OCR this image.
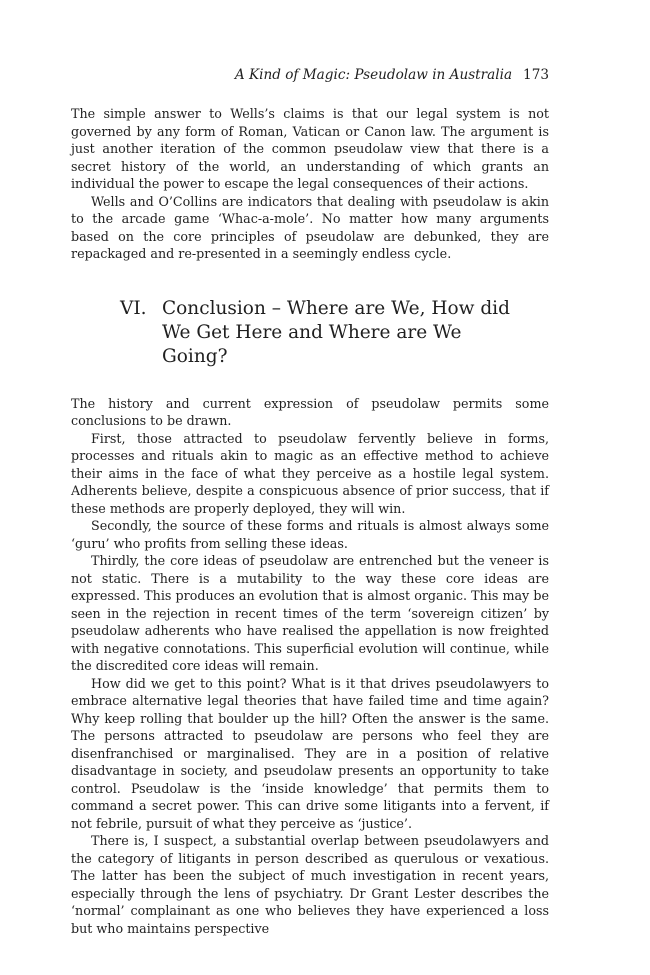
A Kind of Magic: Pseudolaw in Australia 173

The simple answer to Wells’s claims is that our legal system is not governed by any form of Roman, Vatican or Canon law. The argument is just another iteration of the common pseudolaw view that there is a secret history of the world, an understanding of which grants an individual the power to escape the legal consequences of their actions.

Wells and O’Collins are indicators that dealing with pseudolaw is akin to the arcade game ‘Whac-a-mole’. No matter how many arguments based on the core principles of pseudolaw are debunked, they are repackaged and re-presented in a seemingly endless cycle.

VI. Conclusion – Where are We, How did We Get Here and Where are We Going?

The history and current expression of pseudolaw permits some conclusions to be drawn.

First, those attracted to pseudolaw fervently believe in forms, processes and rituals akin to magic as an effective method to achieve their aims in the face of what they perceive as a hostile legal system. Adherents believe, despite a conspicuous absence of prior success, that if these methods are properly deployed, they will win.

Secondly, the source of these forms and rituals is almost always some ‘guru’ who profits from selling these ideas.

Thirdly, the core ideas of pseudolaw are entrenched but the veneer is not static. There is a mutability to the way these core ideas are expressed. This produces an evolution that is almost organic. This may be seen in the rejection in recent times of the term ‘sovereign citizen’ by pseudolaw adherents who have realised the appellation is now freighted with negative connotations. This superficial evolution will continue, while the discredited core ideas will remain.

How did we get to this point? What is it that drives pseudolawyers to embrace alternative legal theories that have failed time and time again? Why keep rolling that boulder up the hill? Often the answer is the same. The persons attracted to pseudolaw are persons who feel they are disenfranchised or marginalised. They are in a position of relative disadvantage in society, and pseudolaw presents an opportunity to take control. Pseudolaw is the ‘inside knowledge’ that permits them to command a secret power. This can drive some litigants into a fervent, if not febrile, pursuit of what they perceive as ‘justice’.

There is, I suspect, a substantial overlap between pseudolawyers and the category of litigants in person described as querulous or vexatious. The latter has been the subject of much investigation in recent years, especially through the lens of psychiatry. Dr Grant Lester describes the ‘normal’ complainant as one who believes they have experienced a loss but who maintains perspective
